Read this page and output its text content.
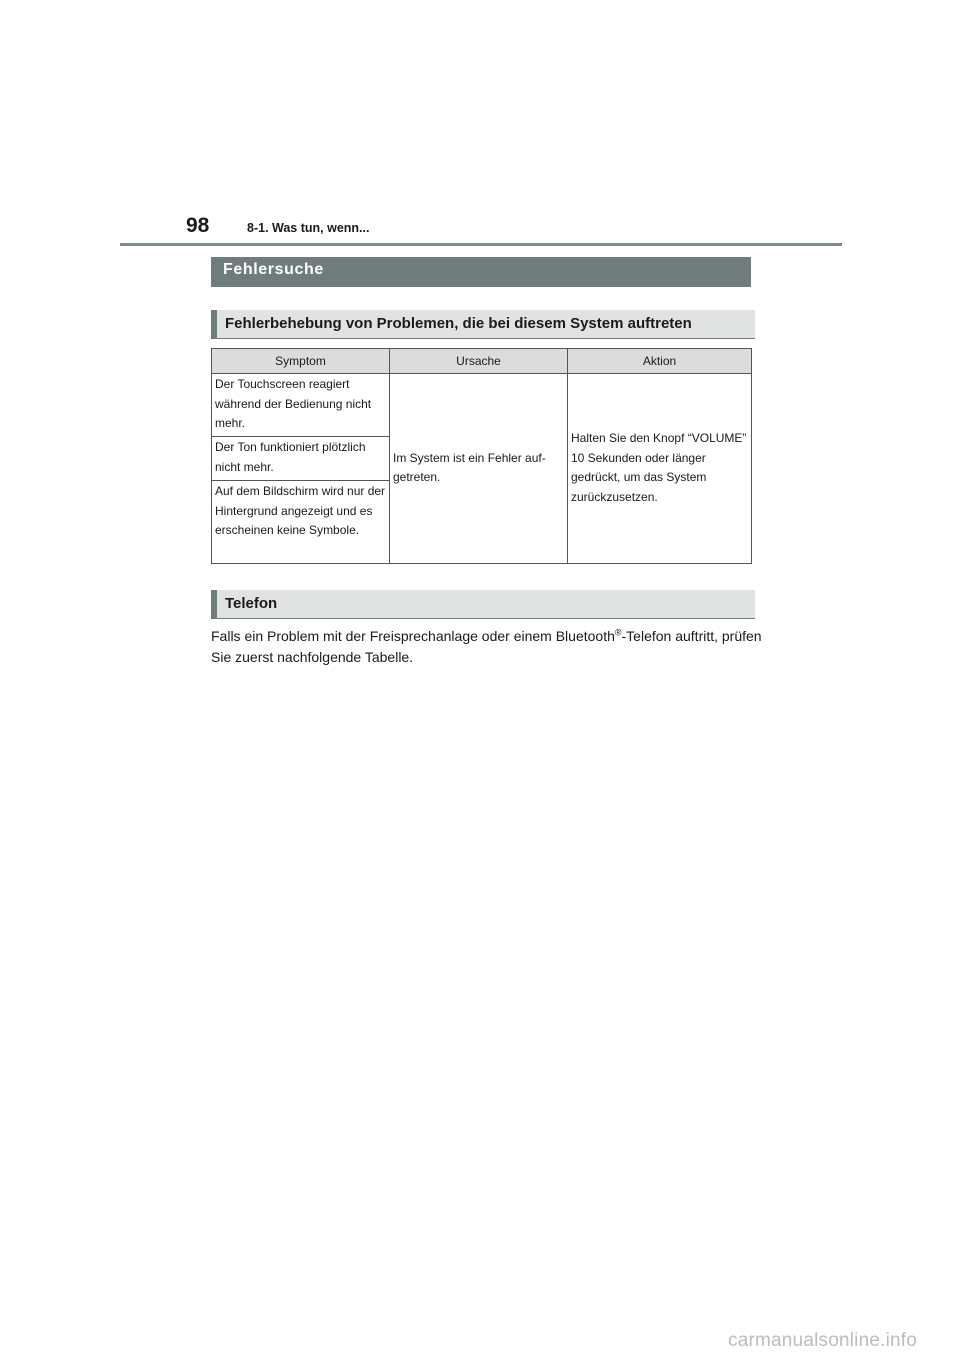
98	8-1. Was tun, wenn...
Fehlersuche
Fehlerbehebung von Problemen, die bei diesem System auftreten
Symptom	Ursache	Aktion
Der Touchscreen reagiert während der Bedienung nicht mehr.	Im System ist ein Fehler auf-getreten.	Halten Sie den Knopf “VOLUME” 10 Sekunden oder länger gedrückt, um das System zurückzusetzen.
Der Ton funktioniert plötzlich nicht mehr.		
Auf dem Bildschirm wird nur der Hintergrund angezeigt und es erscheinen keine Symbole.		
Telefon

Falls ein Problem mit der Freisprechanlage oder einem Bluetooth®-Telefon auftritt, prüfen Sie zuerst nachfolgende Tabelle.

carmanualsonline.info
